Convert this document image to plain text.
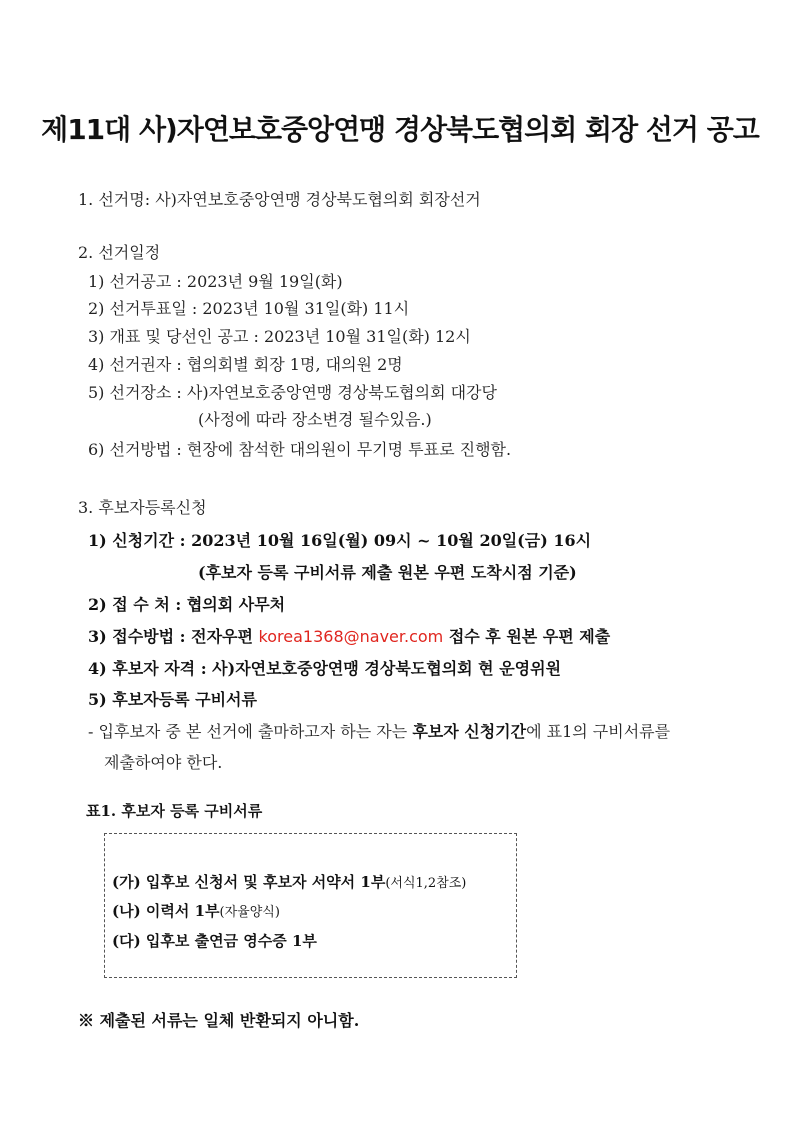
제11대 사)자연보호중앙연맹 경상북도협의회 회장 선거 공고
1. 선거명: 사)자연보호중앙연맹 경상북도협의회 회장선거
2. 선거일정
1) 선거공고 : 2023년 9월 19일(화)
2) 선거투표일 : 2023년 10월 31일(화) 11시
3) 개표 및 당선인 공고 : 2023년 10월 31일(화) 12시
4) 선거권자 : 협의회별 회장 1명, 대의원 2명
5) 선거장소 : 사)자연보호중앙연맹 경상북도협의회 대강당
(사정에 따라 장소변경 될수있음.)
6) 선거방법 : 현장에 참석한 대의원이 무기명 투표로 진행함.
3. 후보자등록신청
1) 신청기간 : 2023년 10월 16일(월) 09시 ~ 10월 20일(금) 16시
(후보자 등록 구비서류 제출 원본 우편 도착시점 기준)
2) 접 수 처 : 협의회 사무처
3) 접수방법 : 전자우편 korea1368@naver.com 접수 후 원본 우편 제출
4) 후보자 자격 : 사)자연보호중앙연맹 경상북도협의회 현 운영위원
5) 후보자등록 구비서류
- 입후보자 중 본 선거에 출마하고자 하는 자는 후보자 신청기간에 표1의 구비서류를
제출하여야 한다.
표1. 후보자 등록 구비서류
(가) 입후보 신청서 및 후보자 서약서 1부(서식1,2참조)
(나) 이력서 1부(자율양식)
(다) 입후보 출연금 영수증 1부
※ 제출된 서류는 일체 반환되지 아니함.
